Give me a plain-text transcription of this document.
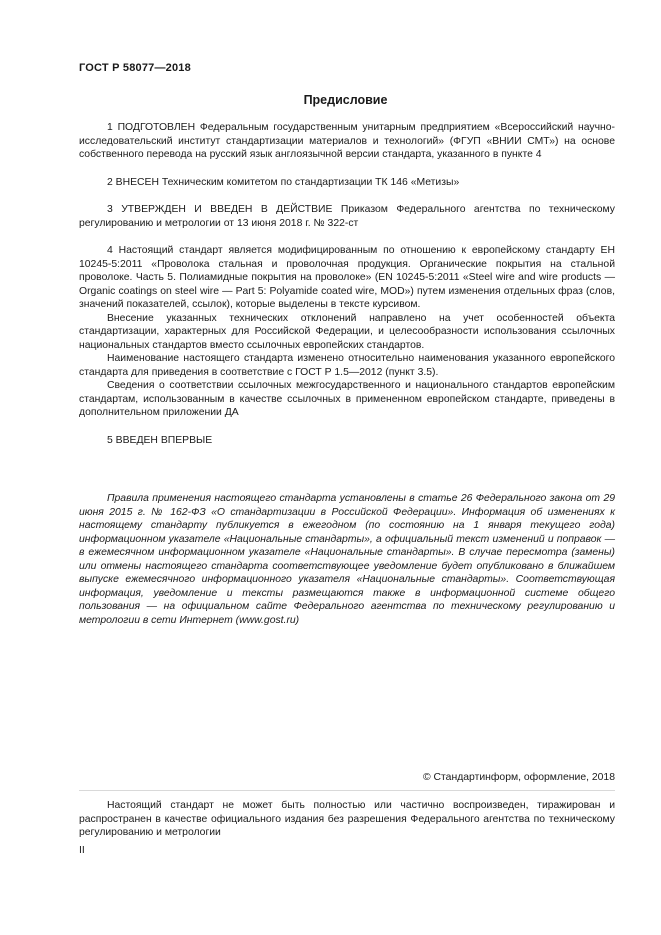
ГОСТ Р 58077—2018
Предисловие

1 ПОДГОТОВЛЕН Федеральным государственным унитарным предприятием «Всероссийский научно-исследовательский институт стандартизации материалов и технологий» (ФГУП «ВНИИ СМТ») на основе собственного перевода на русский язык англоязычной версии стандарта, указанного в пункте 4

2 ВНЕСЕН Техническим комитетом по стандартизации ТК 146 «Метизы»

3 УТВЕРЖДЕН И ВВЕДЕН В ДЕЙСТВИЕ Приказом Федерального агентства по техническому регулированию и метрологии от 13 июня 2018 г. № 322-ст

4 Настоящий стандарт является модифицированным по отношению к европейскому стандарту ЕН 10245-5:2011 «Проволока стальная и проволочная продукция. Органические покрытия на стальной проволоке. Часть 5. Полиамидные покрытия на проволоке» (EN 10245-5:2011 «Steel wire and wire products — Organic coatings on steel wire — Part 5: Polyamide coated wire, MOD») путем изменения отдельных фраз (слов, значений показателей, ссылок), которые выделены в тексте курсивом.

Внесение указанных технических отклонений направлено на учет особенностей объекта стандартизации, характерных для Российской Федерации, и целесообразности использования ссылочных национальных стандартов вместо ссылочных европейских стандартов.

Наименование настоящего стандарта изменено относительно наименования указанного европейского стандарта для приведения в соответствие с ГОСТ Р 1.5—2012 (пункт 3.5).

Сведения о соответствии ссылочных межгосударственного и национального стандартов европейским стандартам, использованным в качестве ссылочных в примененном европейском стандарте, приведены в дополнительном приложении ДА

5 ВВЕДЕН ВПЕРВЫЕ

Правила применения настоящего стандарта установлены в статье 26 Федерального закона от 29 июня 2015 г. № 162-ФЗ «О стандартизации в Российской Федерации». Информация об изменениях к настоящему стандарту публикуется в ежегодном (по состоянию на 1 января текущего года) информационном указателе «Национальные стандарты», а официальный текст изменений и поправок — в ежемесячном информационном указателе «Национальные стандарты». В случае пересмотра (замены) или отмены настоящего стандарта соответствующее уведомление будет опубликовано в ближайшем выпуске ежемесячного информационного указателя «Национальные стандарты». Соответствующая информация, уведомление и тексты размещаются также в информационной системе общего пользования — на официальном сайте Федерального агентства по техническому регулированию и метрологии в сети Интернет (www.gost.ru)

© Стандартинформ, оформление, 2018

Настоящий стандарт не может быть полностью или частично воспроизведен, тиражирован и распространен в качестве официального издания без разрешения Федерального агентства по техническому регулированию и метрологии

II
